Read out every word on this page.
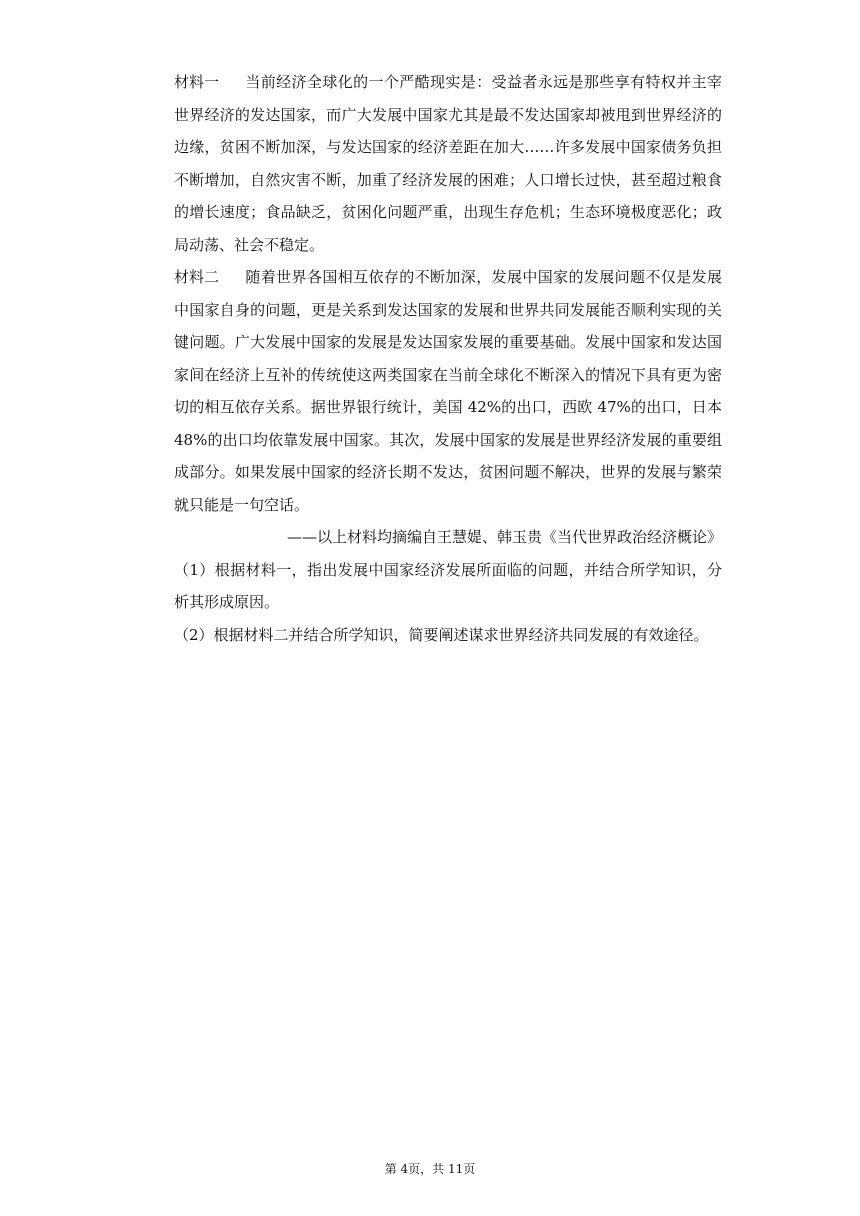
材料一 当前经济全球化的一个严酷现实是：受益者永远是那些享有特权并主宰世界经济的发达国家，而广大发展中国家尤其是最不发达国家却被甩到世界经济的边缘，贫困不断加深，与发达国家的经济差距在加大……许多发展中国家债务负担不断增加，自然灾害不断，加重了经济发展的困难；人口增长过快，甚至超过粮食的增长速度；食品缺乏，贫困化问题严重，出现生存危机；生态环境极度恶化；政局动荡、社会不稳定。

材料二 随着世界各国相互依存的不断加深，发展中国家的发展问题不仅是发展中国家自身的问题，更是关系到发达国家的发展和世界共同发展能否顺利实现的关键问题。广大发展中国家的发展是发达国家发展的重要基础。发展中国家和发达国家间在经济上互补的传统使这两类国家在当前全球化不断深入的情况下具有更为密切的相互依存关系。据世界银行统计，美国 42%的出口，西欧 47%的出口，日本 48%的出口均依靠发展中国家。其次，发展中国家的发展是世界经济发展的重要组成部分。如果发展中国家的经济长期不发达，贫困问题不解决，世界的发展与繁荣就只能是一句空话。

——以上材料均摘编自王慧媞、韩玉贵《当代世界政治经济概论》

（1）根据材料一，指出发展中国家经济发展所面临的问题，并结合所学知识，分析其形成原因。

（2）根据材料二并结合所学知识，简要阐述谋求世界经济共同发展的有效途径。

第 4页，共 11页
